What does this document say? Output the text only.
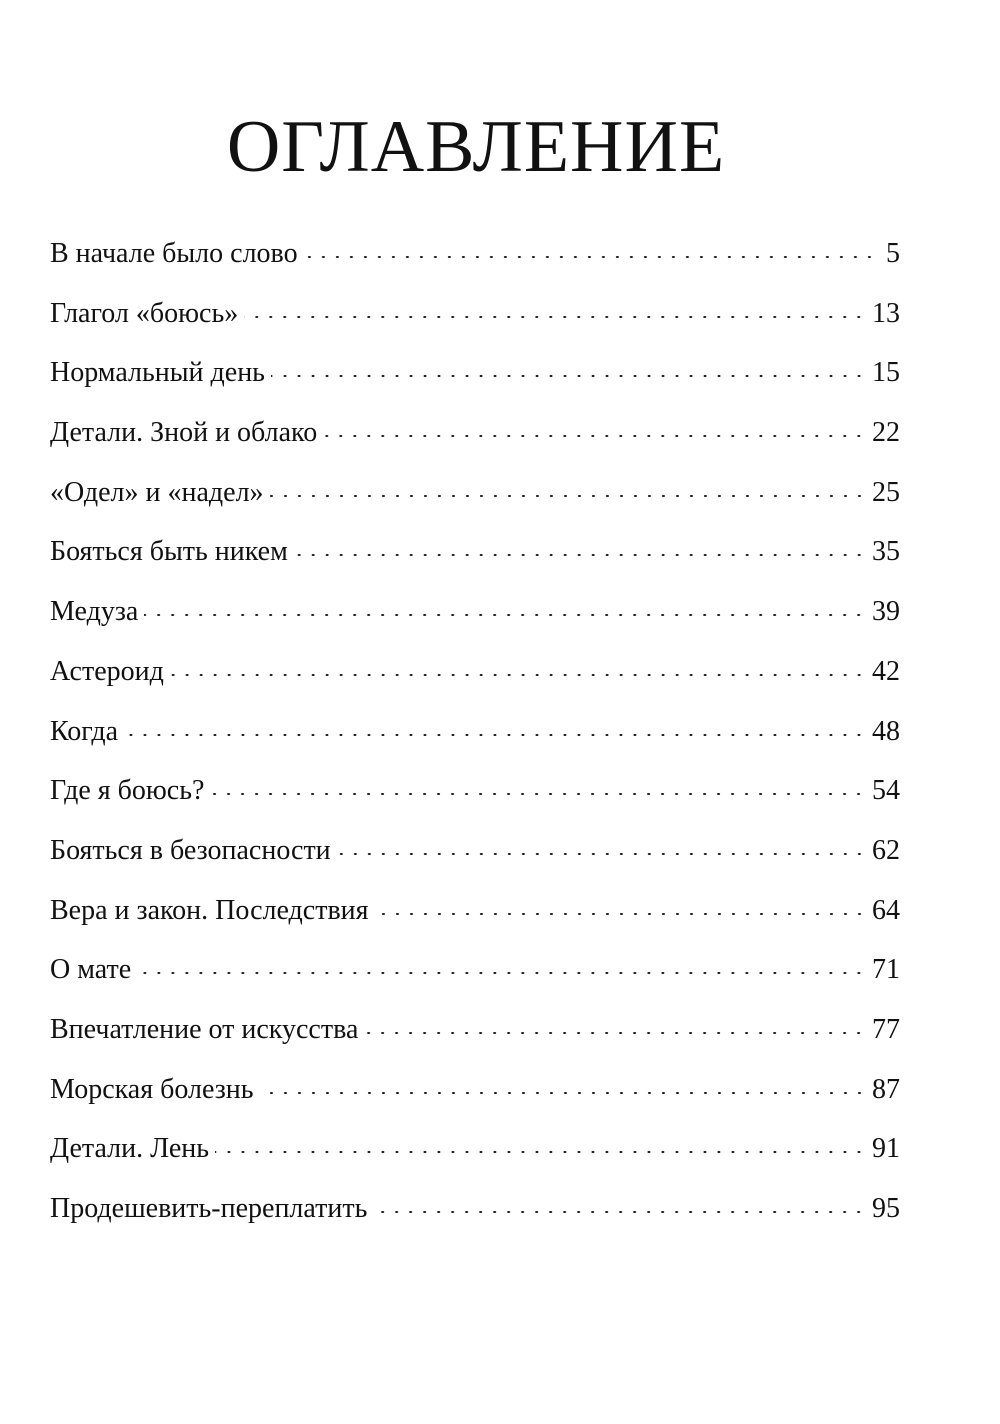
ОГЛАВЛЕНИЕ
В начале было слово	5
Глагол «боюсь»	13
Нормальный день	15
Детали. Зной и облако	22
«Одел» и «надел»	25
Бояться быть никем	35
Медуза	39
Астероид	42
Когда	48
Где я боюсь?	54
Бояться в безопасности	62
Вера и закон. Последствия	64
О мате	71
Впечатление от искусства	77
Морская болезнь	87
Детали. Лень	91
Продешевить-переплатить	95
